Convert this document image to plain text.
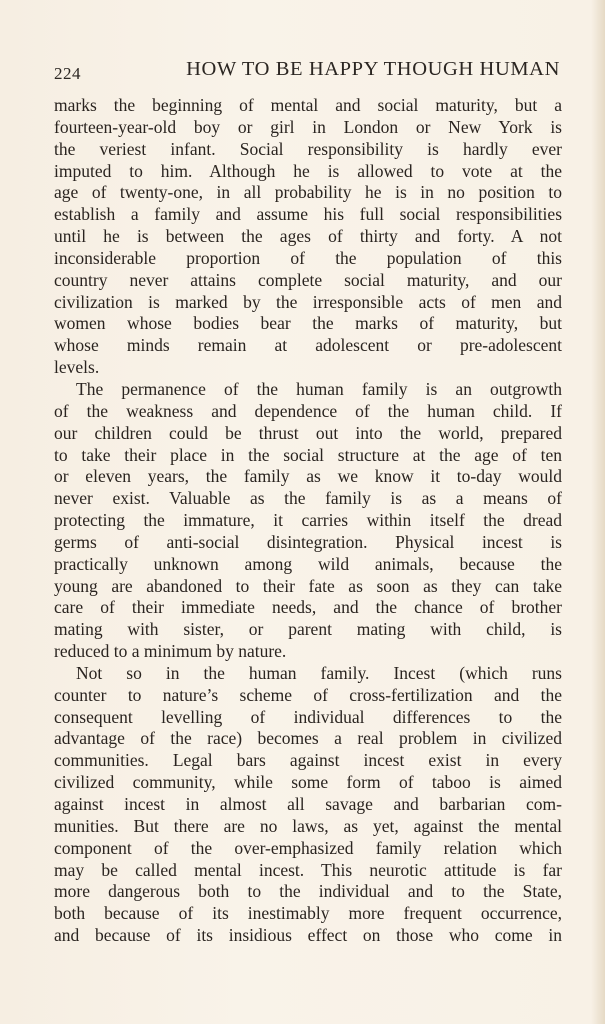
224	HOW TO BE HAPPY THOUGH HUMAN
marks the beginning of mental and social maturity, but a
fourteen-year-old boy or girl in London or New York is
the veriest infant. Social responsibility is hardly ever
imputed to him. Although he is allowed to vote at the
age of twenty-one, in all probability he is in no position to
establish a family and assume his full social responsibilities
until he is between the ages of thirty and forty. A not
inconsiderable proportion of the population of this
country never attains complete social maturity, and our
civilization is marked by the irresponsible acts of men and
women whose bodies bear the marks of maturity, but
whose minds remain at adolescent or pre-adolescent
levels.
The permanence of the human family is an outgrowth
of the weakness and dependence of the human child. If
our children could be thrust out into the world, prepared
to take their place in the social structure at the age of ten
or eleven years, the family as we know it to-day would
never exist. Valuable as the family is as a means of
protecting the immature, it carries within itself the dread
germs of anti-social disintegration. Physical incest is
practically unknown among wild animals, because the
young are abandoned to their fate as soon as they can take
care of their immediate needs, and the chance of brother
mating with sister, or parent mating with child, is
reduced to a minimum by nature.
Not so in the human family. Incest (which runs
counter to nature’s scheme of cross-fertilization and the
consequent levelling of individual differences to the
advantage of the race) becomes a real problem in civilized
communities. Legal bars against incest exist in every
civilized community, while some form of taboo is aimed
against incest in almost all savage and barbarian com-
munities. But there are no laws, as yet, against the mental
component of the over-emphasized family relation which
may be called mental incest. This neurotic attitude is far
more dangerous both to the individual and to the State,
both because of its inestimably more frequent occurrence,
and because of its insidious effect on those who come in
